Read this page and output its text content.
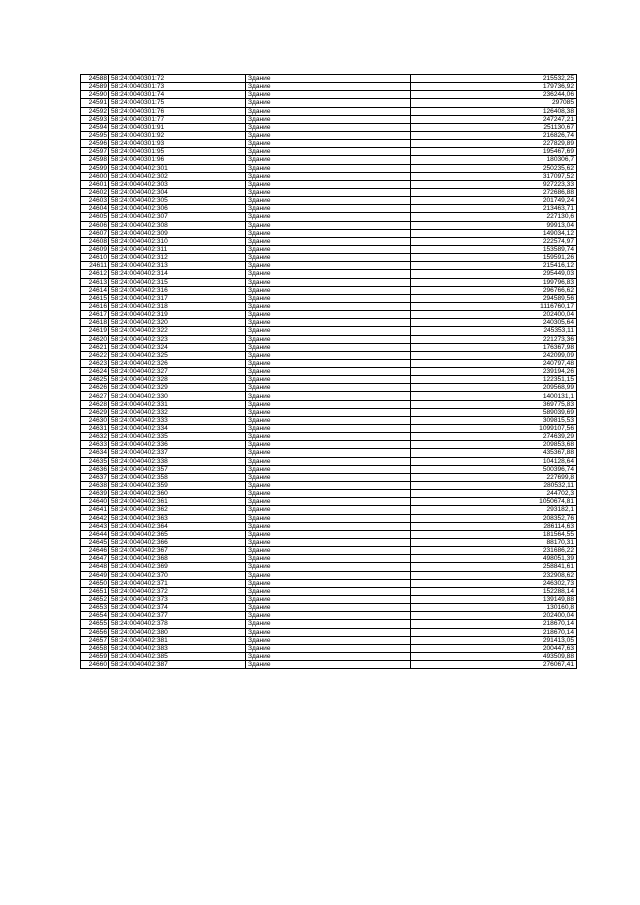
24588	58:24:0040301:72	Здание	215532,25
24589	58:24:0040301:73	Здание	179736,92
24590	58:24:0040301:74	Здание	236244,06
24591	58:24:0040301:75	Здание	297085
24592	58:24:0040301:76	Здание	126408,38
24593	58:24:0040301:77	Здание	247247,21
24594	58:24:0040301:91	Здание	251130,67
24595	58:24:0040301:92	Здание	216826,74
24596	58:24:0040301:93	Здание	227829,89
24597	58:24:0040301:95	Здание	195467,69
24598	58:24:0040301:96	Здание	180306,7
24599	58:24:0040402:301	Здание	250235,62
24600	58:24:0040402:302	Здание	317097,52
24601	58:24:0040402:303	Здание	927223,33
24602	58:24:0040402:304	Здание	272686,88
24603	58:24:0040402:305	Здание	201749,24
24604	58:24:0040402:306	Здание	213463,71
24605	58:24:0040402:307	Здание	227130,6
24606	58:24:0040402:308	Здание	99913,04
24607	58:24:0040402:309	Здание	149034,12
24608	58:24:0040402:310	Здание	222574,97
24609	58:24:0040402:311	Здание	153589,74
24610	58:24:0040402:312	Здание	159591,26
24611	58:24:0040402:313	Здание	215416,12
24612	58:24:0040402:314	Здание	295449,03
24613	58:24:0040402:315	Здание	199796,83
24614	58:24:0040402:316	Здание	296766,62
24615	58:24:0040402:317	Здание	294589,56
24616	58:24:0040402:318	Здание	1116760,17
24617	58:24:0040402:319	Здание	202400,04
24618	58:24:0040402:320	Здание	240305,64
24619	58:24:0040402:322	Здание	245353,11
24620	58:24:0040402:323	Здание	221273,36
24621	58:24:0040402:324	Здание	176367,98
24622	58:24:0040402:325	Здание	242099,09
24623	58:24:0040402:326	Здание	240797,48
24624	58:24:0040402:327	Здание	239194,26
24625	58:24:0040402:328	Здание	122351,15
24626	58:24:0040402:329	Здание	209568,99
24627	58:24:0040402:330	Здание	1400131,1
24628	58:24:0040402:331	Здание	369775,83
24629	58:24:0040402:332	Здание	589039,69
24630	58:24:0040402:333	Здание	309815,53
24631	58:24:0040402:334	Здание	1099107,56
24632	58:24:0040402:335	Здание	274639,29
24633	58:24:0040402:336	Здание	209853,68
24634	58:24:0040402:337	Здание	435367,88
24635	58:24:0040402:338	Здание	104128,64
24636	58:24:0040402:357	Здание	500396,74
24637	58:24:0040402:358	Здание	227699,8
24638	58:24:0040402:359	Здание	280532,11
24639	58:24:0040402:360	Здание	244702,3
24640	58:24:0040402:361	Здание	1050674,81
24641	58:24:0040402:362	Здание	293182,1
24642	58:24:0040402:363	Здание	208352,76
24643	58:24:0040402:364	Здание	286114,63
24644	58:24:0040402:365	Здание	181564,55
24645	58:24:0040402:366	Здание	88170,31
24646	58:24:0040402:367	Здание	231686,22
24647	58:24:0040402:368	Здание	498051,39
24648	58:24:0040402:369	Здание	258841,61
24649	58:24:0040402:370	Здание	232908,62
24650	58:24:0040402:371	Здание	246302,73
24651	58:24:0040402:372	Здание	152288,14
24652	58:24:0040402:373	Здание	139149,88
24653	58:24:0040402:374	Здание	130160,8
24654	58:24:0040402:377	Здание	202400,04
24655	58:24:0040402:378	Здание	218670,14
24656	58:24:0040402:380	Здание	218670,14
24657	58:24:0040402:381	Здание	291413,05
24658	58:24:0040402:383	Здание	200447,63
24659	58:24:0040402:385	Здание	493509,88
24660	58:24:0040402:387	Здание	276067,41
